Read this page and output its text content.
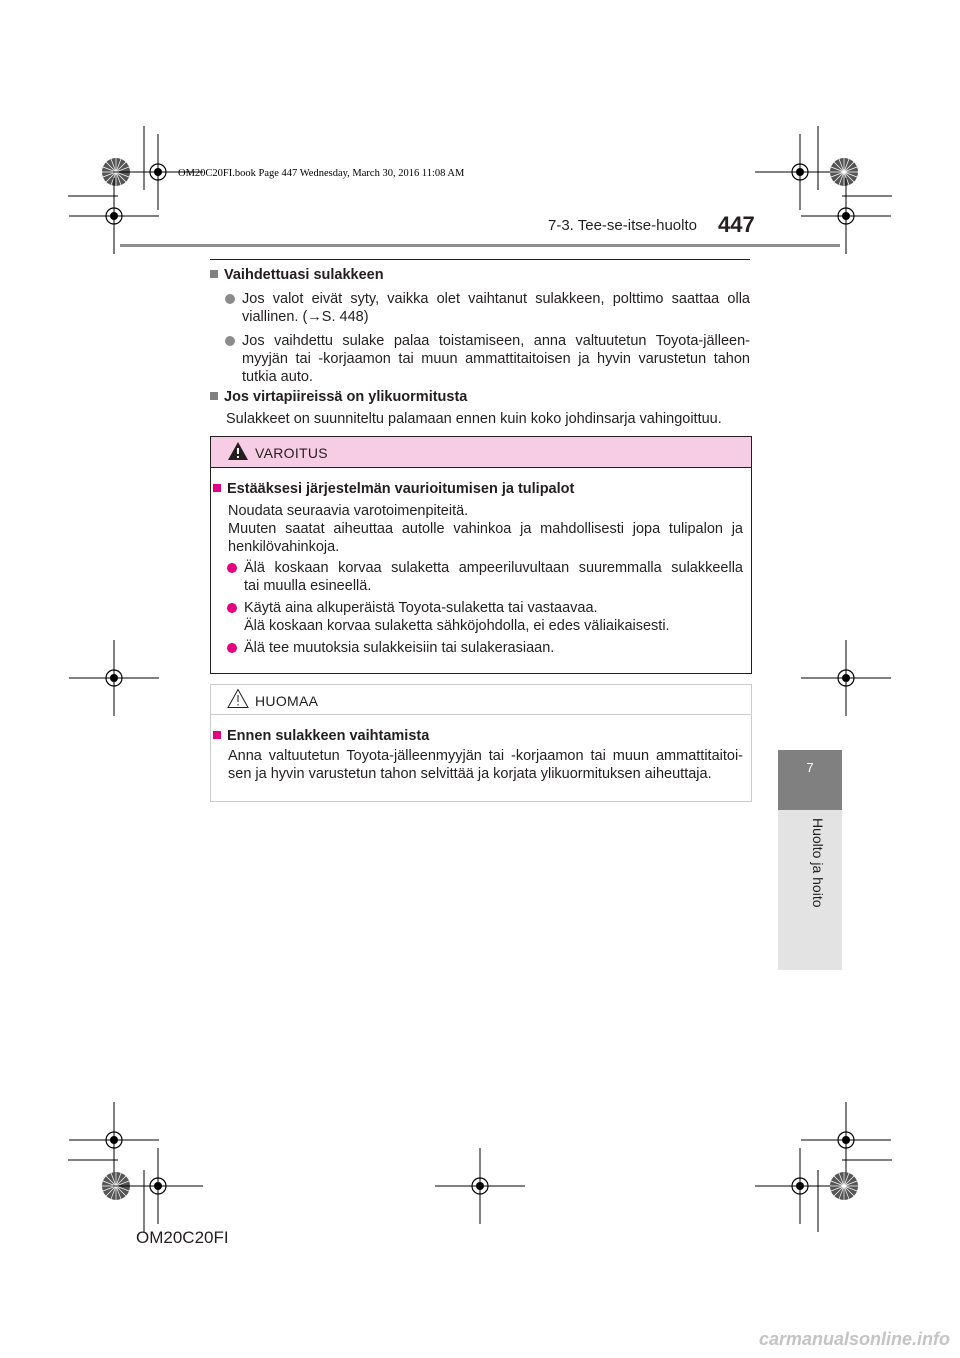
OM20C20FI.book Page 447 Wednesday, March 30, 2016 11:08 AM
7-3. Tee-se-itse-huolto 447
7
Huolto ja hoito
Vaihdettuasi sulakkeen
Jos valot eivät syty, vaikka olet vaihtanut sulakkeen, polttimo saattaa olla
viallinen. (→S. 448)
Jos vaihdettu sulake palaa toistamiseen, anna valtuutetun Toyota-jälleen-
myyjän tai -korjaamon tai muun ammattitaitoisen ja hyvin varustetun tahon
tutkia auto.
Jos virtapiireissä on ylikuormitusta
Sulakkeet on suunniteltu palamaan ennen kuin koko johdinsarja vahingoittuu.
VAROITUS
Estääksesi järjestelmän vaurioitumisen ja tulipalot
Noudata seuraavia varotoimenpiteitä.
Muuten saatat aiheuttaa autolle vahinkoa ja mahdollisesti jopa tulipalon ja
henkilövahinkoja.
Älä koskaan korvaa sulaketta ampeeriluvultaan suuremmalla sulakkeella
tai muulla esineellä.
Käytä aina alkuperäistä Toyota-sulaketta tai vastaavaa.
Älä koskaan korvaa sulaketta sähköjohdolla, ei edes väliaikaisesti.
Älä tee muutoksia sulakkeisiin tai sulakerasiaan.
HUOMAA
Ennen sulakkeen vaihtamista
Anna valtuutetun Toyota-jälleenmyyjän tai -korjaamon tai muun ammattitaitoi-
sen ja hyvin varustetun tahon selvittää ja korjata ylikuormituksen aiheuttaja.
OM20C20FI
carmanualsonline.info
